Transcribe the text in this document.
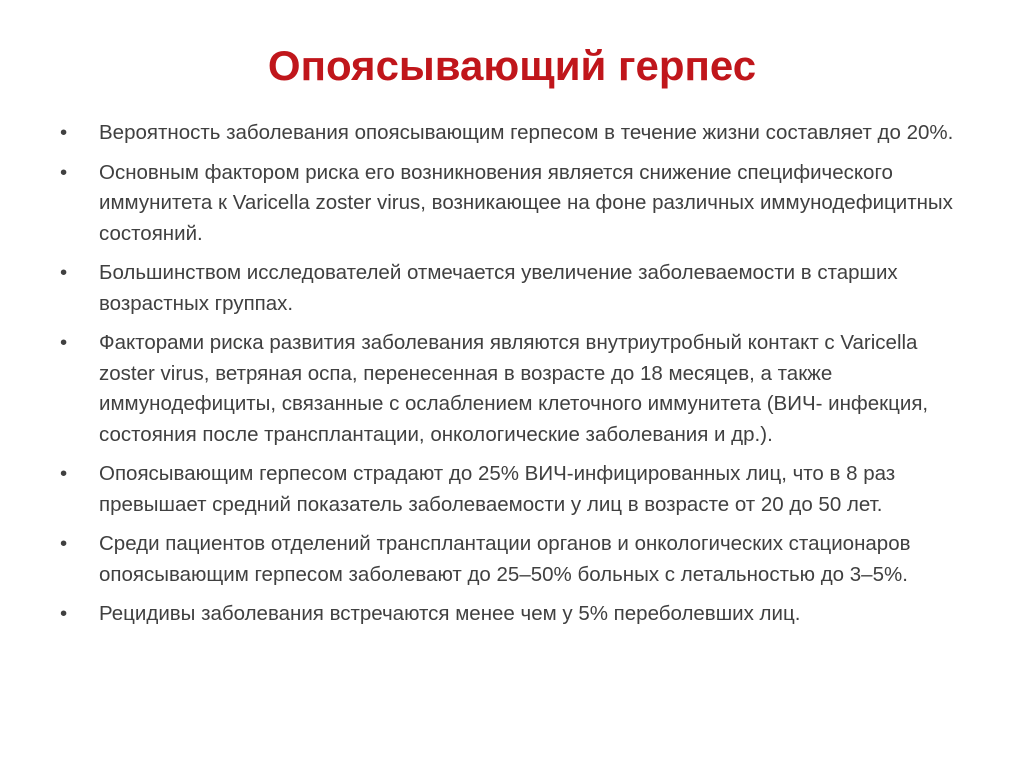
Опоясывающий герпес
•	Вероятность заболевания опоясывающим герпесом в течение жизни составляет до 20%.
•	Основным фактором риска его возникновения является снижение специфического иммунитета к Varicella zoster virus, возникающее на фоне различных иммунодефицитных состояний.
•	Большинством исследователей отмечается увеличение заболеваемости в старших возрастных группах.
•	Факторами риска развития заболевания являются внутриутробный контакт с Varicella zoster virus, ветряная оспа, перенесенная в возрасте до 18 месяцев, а также иммунодефициты, связанные с ослаблением клеточного иммунитета (ВИЧ- инфекция, состояния после трансплантации, онкологические заболевания и др.).
•	Опоясывающим герпесом страдают до 25% ВИЧ-инфицированных лиц, что в 8 раз превышает средний показатель заболеваемости у лиц в возрасте от 20 до 50 лет.
•	Среди пациентов отделений трансплантации органов и онкологических стационаров опоясывающим герпесом заболевают до 25–50% больных с летальностью до 3–5%.
•	Рецидивы заболевания встречаются менее чем у 5% переболевших лиц.
